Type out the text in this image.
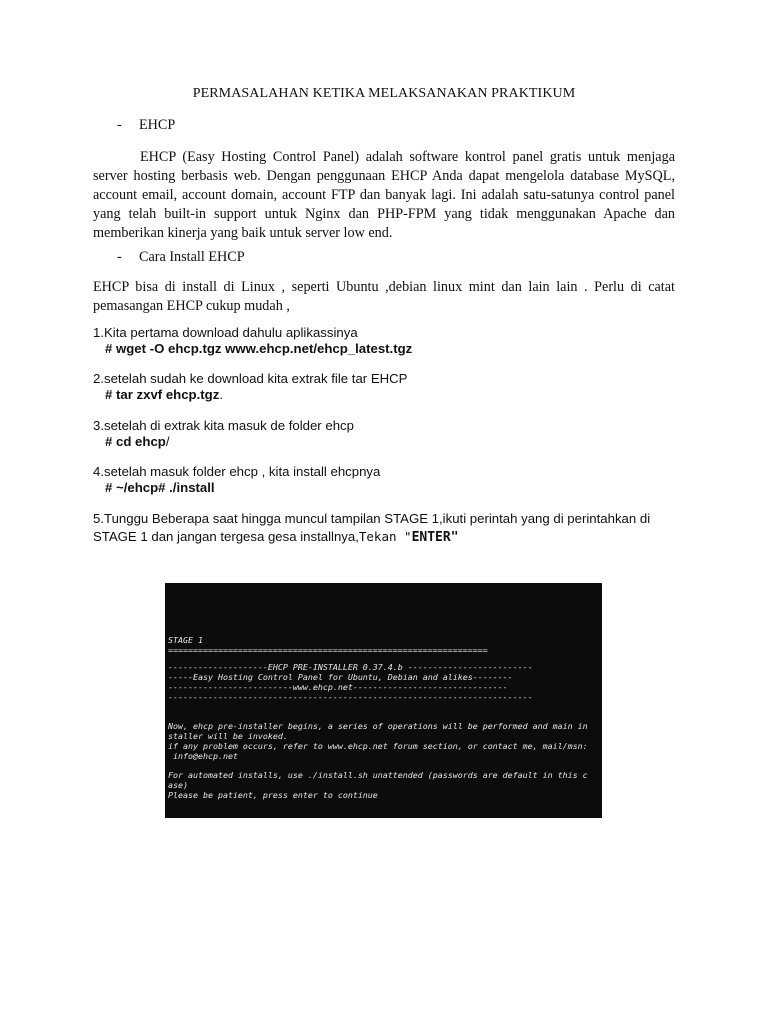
PERMASALAHAN KETIKA MELAKSANAKAN PRAKTIKUM
- EHCP
EHCP (Easy Hosting Control Panel) adalah software kontrol panel gratis untuk menjaga server hosting berbasis web. Dengan penggunaan EHCP Anda dapat mengelola database MySQL, account email, account domain, account FTP dan banyak lagi. Ini adalah satu-satunya control panel yang telah built-in support untuk Nginx dan PHP-FPM yang tidak menggunakan Apache dan memberikan kinerja yang baik untuk server low end.
- Cara Install EHCP
EHCP bisa di install di Linux , seperti Ubuntu ,debian linux mint dan lain lain . Perlu di catat pemasangan EHCP cukup mudah ,
1.Kita pertama download dahulu aplikassinya
# wget -O ehcp.tgz www.ehcp.net/ehcp_latest.tgz
2.setelah sudah ke download kita extrak file tar EHCP
# tar zxvf ehcp.tgz.
3.setelah di extrak kita masuk de folder ehcp
# cd ehcp/
4.setelah masuk folder ehcp , kita install ehcpnya
# ~/ehcp# ./install
5.Tunggu Beberapa saat hingga muncul tampilan STAGE 1,ikuti perintah yang di perintahkan di
STAGE 1 dan jangan tergesa gesa installnya,Tekan "ENTER"
STAGE 1
================================================================
--------------------EHCP PRE-INSTALLER 0.37.4.b -------------------------
-----Easy Hosting Control Panel for Ubuntu, Debian and alikes--------
-------------------------www.ehcp.net-------------------------------
-------------------------------------------------------------------------
Now, ehcp pre-installer begins, a series of operations will be performed and main in
staller will be invoked.
if any problem occurs, refer to www.ehcp.net forum section, or contact me, mail/msn:
info@ehcp.net
For automated installs, use ./install.sh unattended (passwords are default in this c
ase)
Please be patient, press enter to continue
